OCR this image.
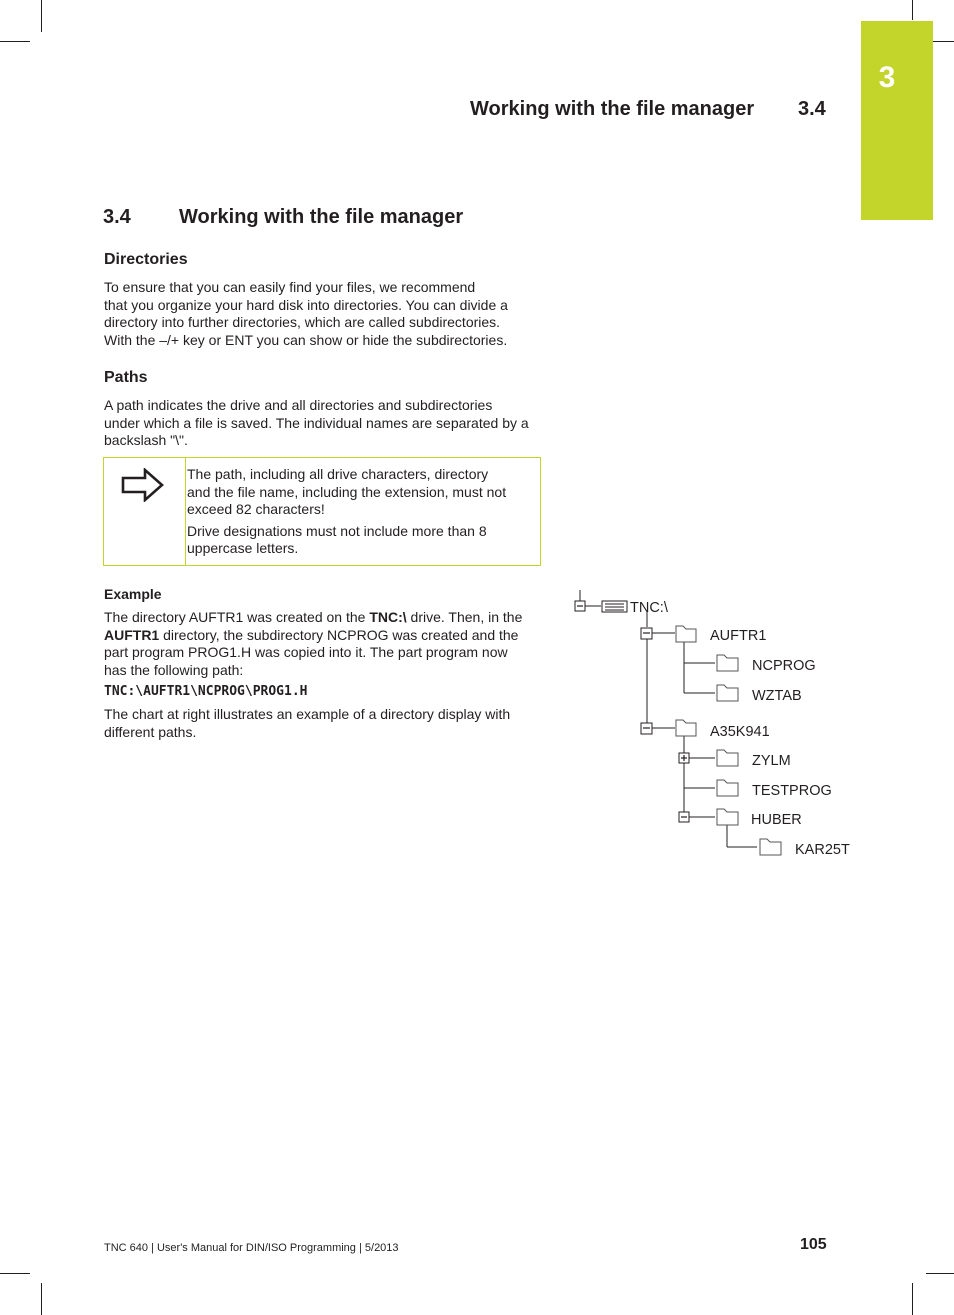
3
Working with the file manager 3.4
3.4 Working with the file manager
Directories
To ensure that you can easily find your files, we recommend
that you organize your hard disk into directories. You can divide a
directory into further directories, which are called subdirectories.
With the –/+ key or ENT you can show or hide the subdirectories.
Paths
A path indicates the drive and all directories and subdirectories
under which a file is saved. The individual names are separated by a
backslash "\".

The path, including all drive characters, directory
and the file name, including the extension, must not
exceed 82 characters!

Drive designations must not include more than 8
uppercase letters.

Example
The directory AUFTR1 was created on the TNC:\ drive. Then, in the
AUFTR1 directory, the subdirectory NCPROG was created and the
part program PROG1.H was copied into it. The part program now
has the following path:
TNC:\AUFTR1\NCPROG\PROG1.H
The chart at right illustrates an example of a directory display with
different paths.
TNC:\
AUFTR1
NCPROG
WZTAB
A35K941
ZYLM
TESTPROG
HUBER
KAR25T
TNC 640 | User's Manual for DIN/ISO Programming | 5/2013	105
